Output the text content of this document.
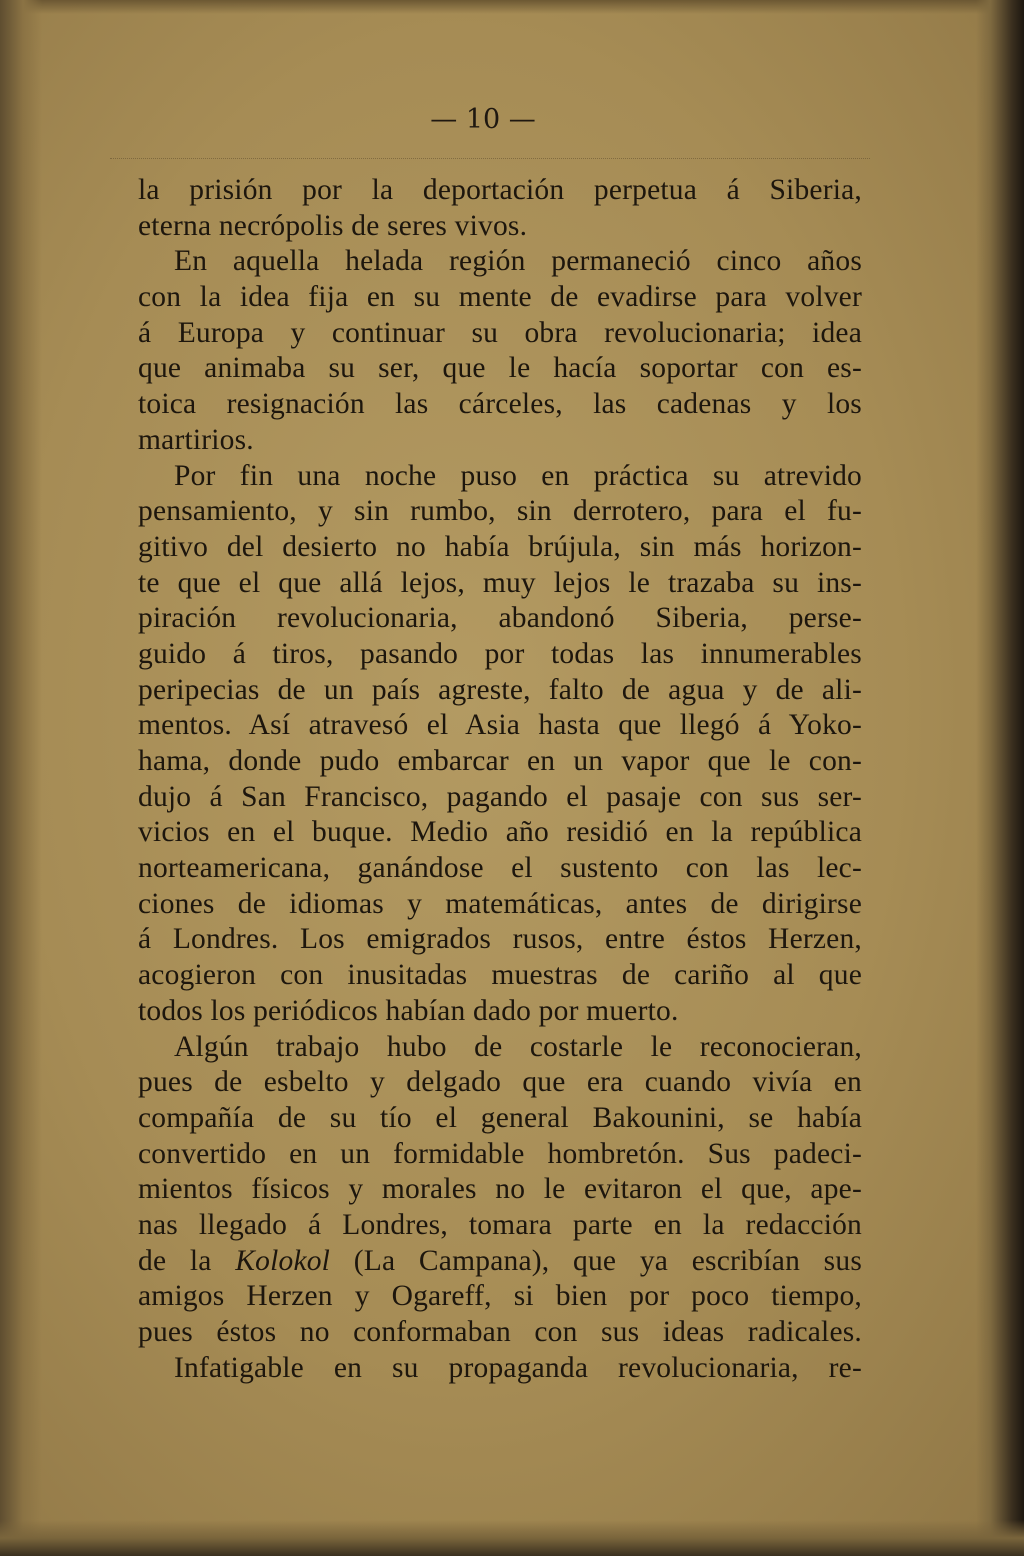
— 10 —
la prisión por la deportación perpetua á Siberia,
eterna necrópolis de seres vivos.
En aquella helada región permaneció cinco años
con la idea fija en su mente de evadirse para volver
á Europa y continuar su obra revolucionaria; idea
que animaba su ser, que le hacía soportar con es-
toica resignación las cárceles, las cadenas y los
martirios.
Por fin una noche puso en práctica su atrevido
pensamiento, y sin rumbo, sin derrotero, para el fu-
gitivo del desierto no había brújula, sin más horizon-
te que el que allá lejos, muy lejos le trazaba su ins-
piración revolucionaria, abandonó Siberia, perse-
guido á tiros, pasando por todas las innumerables
peripecias de un país agreste, falto de agua y de ali-
mentos. Así atravesó el Asia hasta que llegó á Yoko-
hama, donde pudo embarcar en un vapor que le con-
dujo á San Francisco, pagando el pasaje con sus ser-
vicios en el buque. Medio año residió en la república
norteamericana, ganándose el sustento con las lec-
ciones de idiomas y matemáticas, antes de dirigirse
á Londres. Los emigrados rusos, entre éstos Herzen,
acogieron con inusitadas muestras de cariño al que
todos los periódicos habían dado por muerto.
Algún trabajo hubo de costarle le reconocieran,
pues de esbelto y delgado que era cuando vivía en
compañía de su tío el general Bakounini, se había
convertido en un formidable hombretón. Sus padeci-
mientos físicos y morales no le evitaron el que, ape-
nas llegado á Londres, tomara parte en la redacción
de la Kolokol (La Campana), que ya escribían sus
amigos Herzen y Ogareff, si bien por poco tiempo,
pues éstos no conformaban con sus ideas radicales.
Infatigable en su propaganda revolucionaria, re-
